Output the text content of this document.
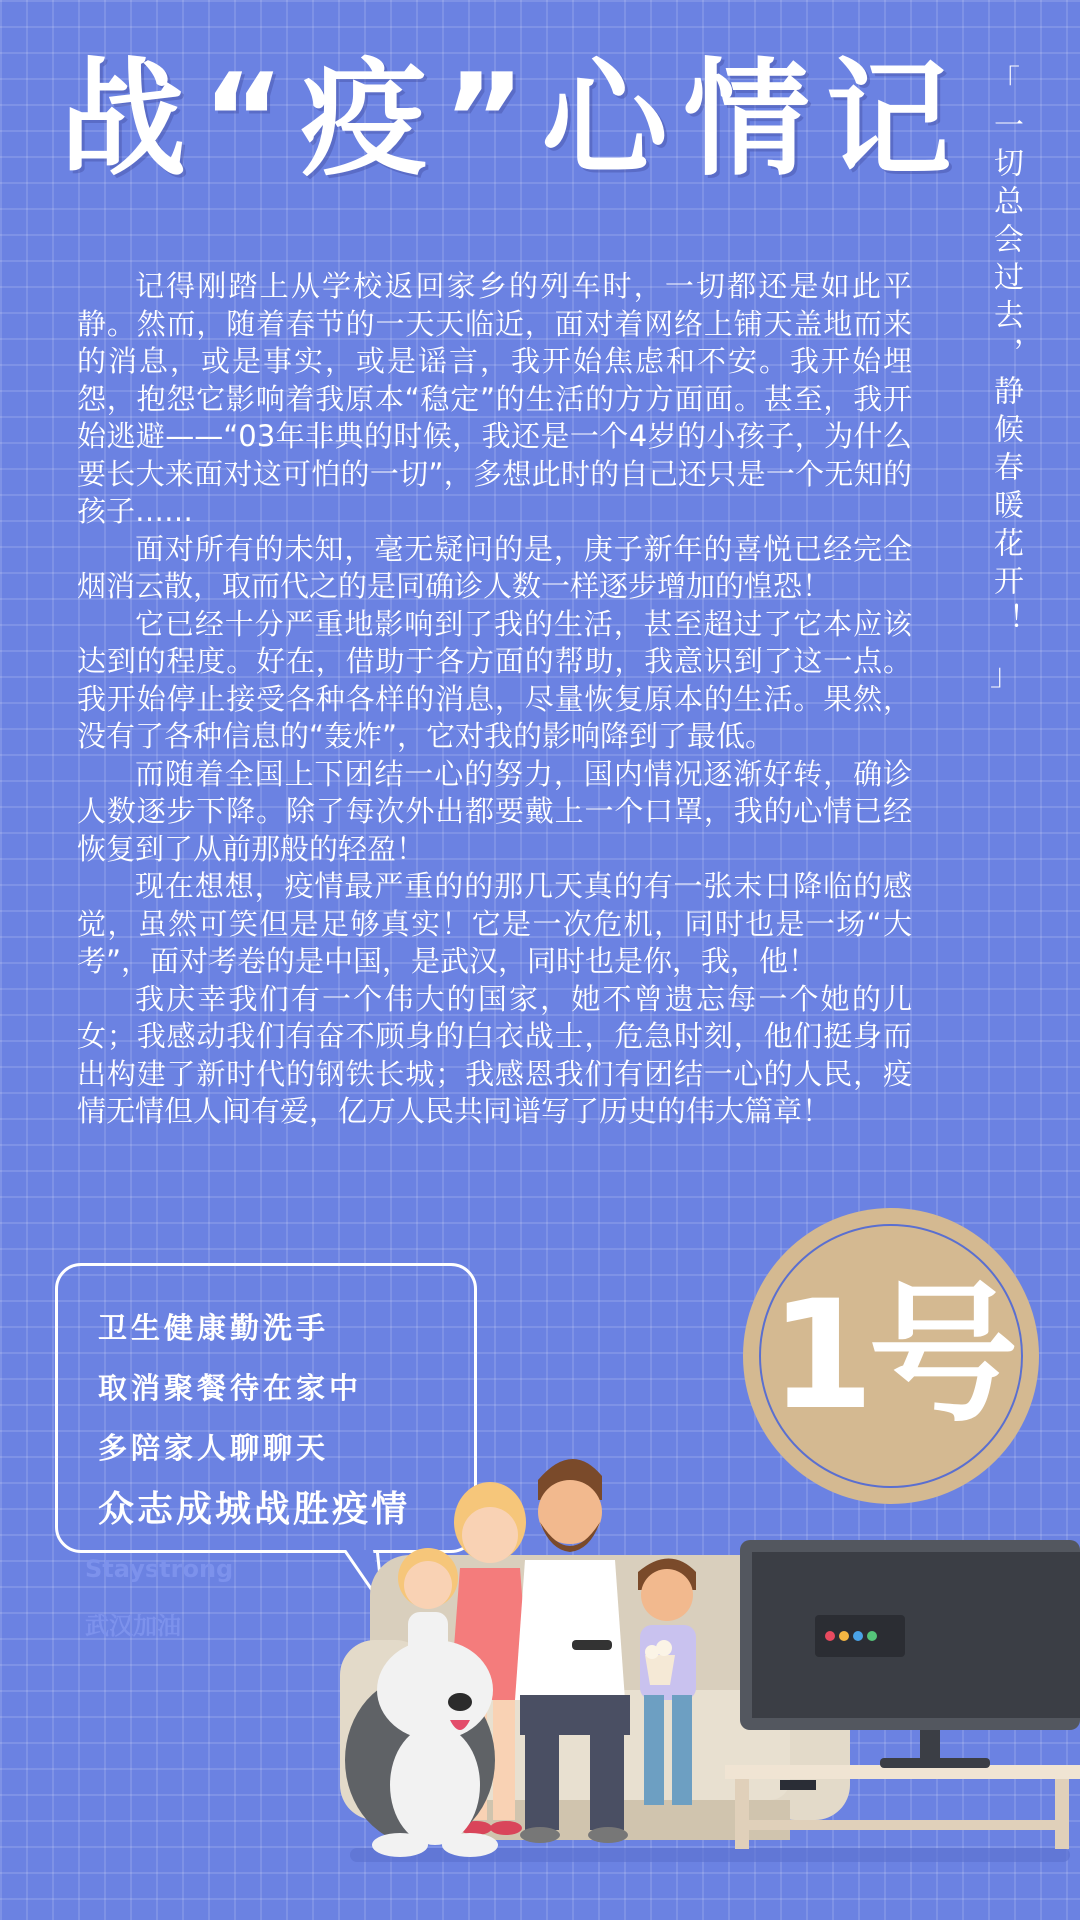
战“疫”心情记 「
一切总会过去，静候春暖花开！
」

记得刚踏上从学校返回家乡的列车时，一切都还是如此平静。然而，随着春节的一天天临近，面对着网络上铺天盖地而来的消息，或是事实，或是谣言，我开始焦虑和不安。我开始埋怨，抱怨它影响着我原本“稳定”的生活的方方面面。甚至，我开始逃避——“03年非典的时候，我还是一个4岁的小孩子，为什么要长大来面对这可怕的一切”，多想此时的自己还只是一个无知的孩子……

面对所有的未知，毫无疑问的是，庚子新年的喜悦已经完全烟消云散，取而代之的是同确诊人数一样逐步增加的惶恐！

它已经十分严重地影响到了我的生活，甚至超过了它本应该达到的程度。好在，借助于各方面的帮助，我意识到了这一点。我开始停止接受各种各样的消息，尽量恢复原本的生活。果然，没有了各种信息的“轰炸”，它对我的影响降到了最低。

而随着全国上下团结一心的努力，国内情况逐渐好转，确诊人数逐步下降。除了每次外出都要戴上一个口罩，我的心情已经恢复到了从前那般的轻盈！

现在想想，疫情最严重的的那几天真的有一张末日降临的感觉，虽然可笑但是足够真实！它是一次危机，同时也是一场“大考”，面对考卷的是中国，是武汉，同时也是你，我，他！

我庆幸我们有一个伟大的国家，她不曾遗忘每一个她的儿女；我感动我们有奋不顾身的白衣战士，危急时刻，他们挺身而出构建了新时代的钢铁长城；我感恩我们有团结一心的人民，疫情无情但人间有爱，亿万人民共同谱写了历史的伟大篇章！

卫生健康勤洗手
取消聚餐待在家中
多陪家人聊聊天
众志成城战胜疫情
Staystrong
武汉加油
1号
